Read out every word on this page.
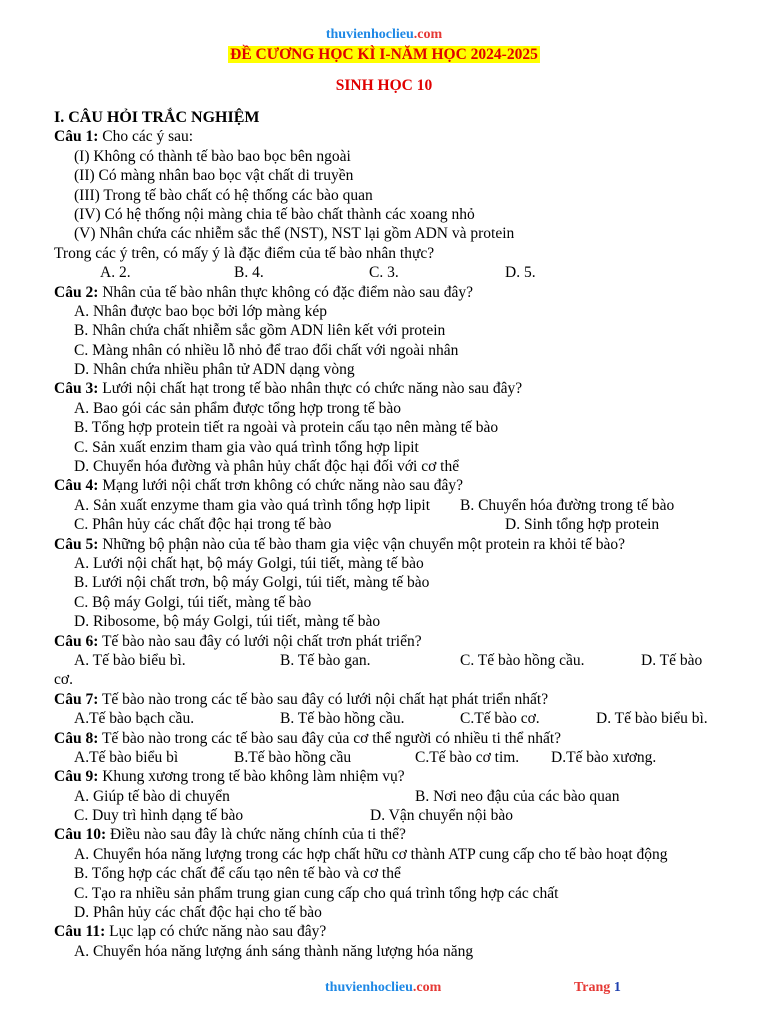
thuvienhoclieu.com
ĐỀ CƯƠNG HỌC KÌ I-NĂM HỌC 2024-2025
SINH HỌC 10
I. CÂU HỎI TRẮC NGHIỆM
Câu 1: Cho các ý sau:
(I) Không có thành tế bào bao bọc bên ngoài
(II) Có màng nhân bao bọc vật chất di truyền
(III) Trong tế bào chất có hệ thống các bào quan
(IV) Có hệ thống nội màng chia tế bào chất thành các xoang nhỏ
(V) Nhân chứa các nhiễm sắc thể (NST), NST lại gồm ADN và protein
Trong các ý trên, có mấy ý là đặc điểm của tế bào nhân thực?
A. 2.	B. 4.	C. 3.	D. 5.
Câu 2: Nhân của tế bào nhân thực không có đặc điểm nào sau đây?
A. Nhân được bao bọc bởi lớp màng kép
B. Nhân chứa chất nhiễm sắc gồm ADN liên kết với protein
C. Màng nhân có nhiều lỗ nhỏ để trao đổi chất với ngoài nhân
D. Nhân chứa nhiều phân tử ADN dạng vòng
Câu 3: Lưới nội chất hạt trong tế bào nhân thực có chức năng nào sau đây?
A. Bao gói các sản phẩm được tổng hợp trong tế bào
B. Tổng hợp protein tiết ra ngoài và protein cấu tạo nên màng tế bào
C. Sản xuất enzim tham gia vào quá trình tổng hợp lipit
D. Chuyển hóa đường và phân hủy chất độc hại đối với cơ thể
Câu 4: Mạng lưới nội chất trơn không có chức năng nào sau đây?
A. Sản xuất enzyme tham gia vào quá trình tổng hợp lipit B. Chuyển hóa đường trong tế bào
C. Phân hủy các chất độc hại trong tế bào	D. Sinh tổng hợp protein
Câu 5: Những bộ phận nào của tế bào tham gia việc vận chuyển một protein ra khỏi tế bào?
A. Lưới nội chất hạt, bộ máy Golgi, túi tiết, màng tế bào
B. Lưới nội chất trơn, bộ máy Golgi, túi tiết, màng tế bào
C. Bộ máy Golgi, túi tiết, màng tế bào
D. Ribosome, bộ máy Golgi, túi tiết, màng tế bào
Câu 6: Tế bào nào sau đây có lưới nội chất trơn phát triển?
A. Tế bào biểu bì.	B. Tế bào gan.	C. Tế bào hồng cầu.	D. Tế bào
cơ.
Câu 7: Tế bào nào trong các tế bào sau đây có lưới nội chất hạt phát triển nhất?
A.Tế bào bạch cầu.	B. Tế bào hồng cầu.	C.Tế bào cơ.	D. Tế bào biểu bì.
Câu 8: Tế bào nào trong các tế bào sau đây của cơ thể người có nhiều ti thể nhất?
A.Tế bào biểu bì	B.Tế bào hồng cầu	C.Tế bào cơ tim. D.Tế bào xương.
Câu 9: Khung xương trong tế bào không làm nhiệm vụ?
A. Giúp tế bào di chuyển	B. Nơi neo đậu của các bào quan
C. Duy trì hình dạng tế bào	D. Vận chuyển nội bào
Câu 10: Điều nào sau đây là chức năng chính của ti thể?
A. Chuyển hóa năng lượng trong các hợp chất hữu cơ thành ATP cung cấp cho tế bào hoạt động
B. Tổng hợp các chất để cấu tạo nên tế bào và cơ thể
C. Tạo ra nhiều sản phẩm trung gian cung cấp cho quá trình tổng hợp các chất
D. Phân hủy các chất độc hại cho tế bào
Câu 11: Lục lạp có chức năng nào sau đây?
A. Chuyển hóa năng lượng ánh sáng thành năng lượng hóa năng
thuvienhoclieu.com	Trang 1
